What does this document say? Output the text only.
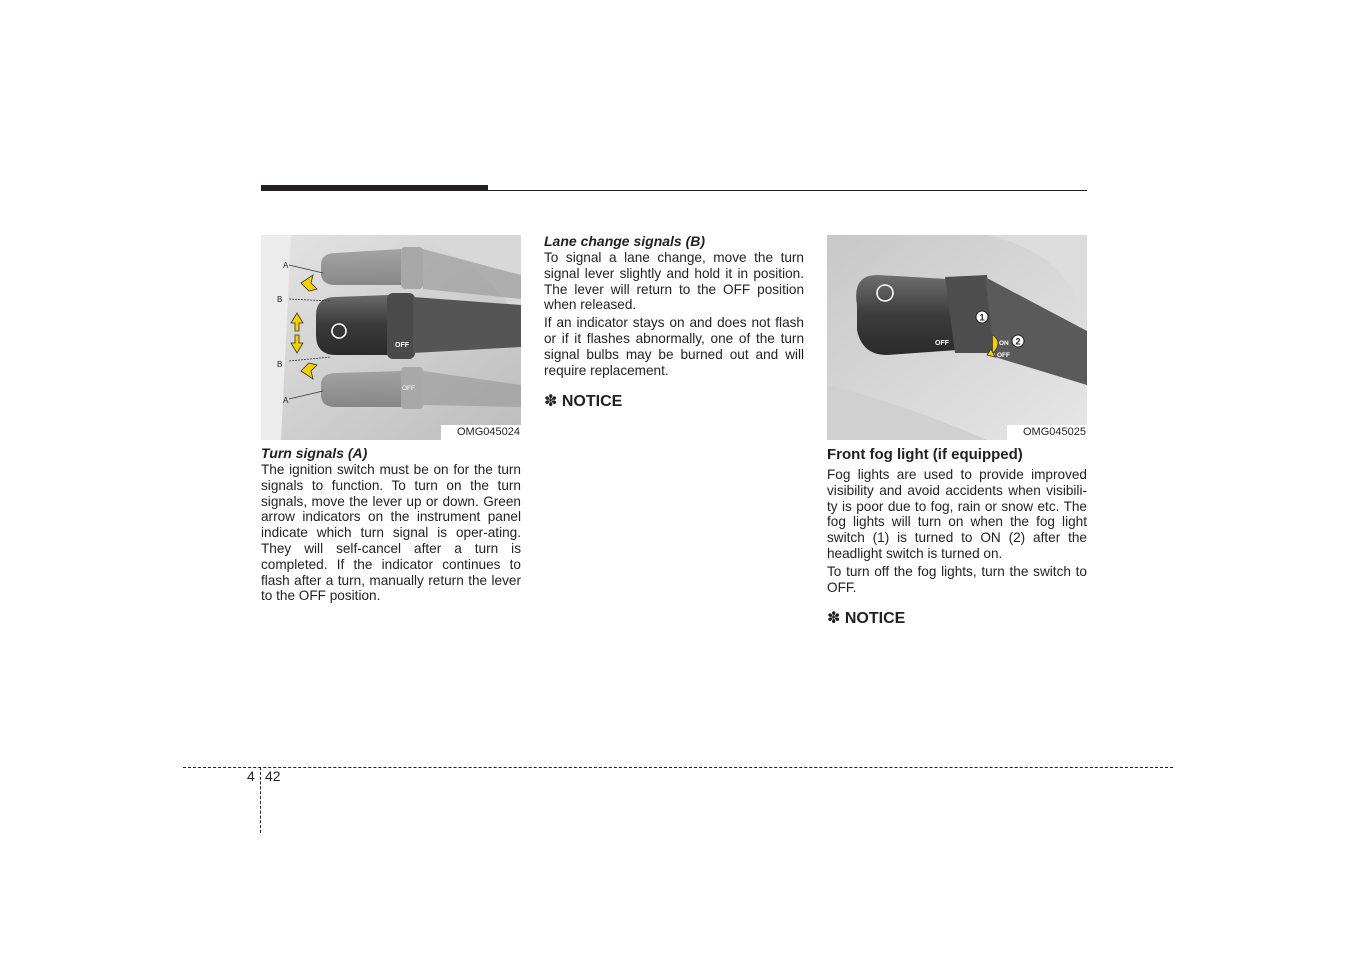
OFF
OFF
A
B
B
A
OMG045024
OFF	ON
OFF
1
2
OMG045025

Turn signals (A)

The ignition switch must be on for the turn signals to function. To turn on the turn signals, move the lever up or down. Green arrow indicators on the instrument panel indicate which turn signal is oper-ating. They will self-cancel after a turn is completed. If the indicator continues to flash after a turn, manually return the lever to the OFF position.

Lane change signals (B)

To signal a lane change, move the turn signal lever slightly and hold it in position. The lever will return to the OFF position when released.

If an indicator stays on and does not flash or if it flashes abnormally, one of the turn signal bulbs may be burned out and will require replacement.

✽ NOTICE

Front fog light (if equipped)

Fog lights are used to provide improved visibility and avoid accidents when visibili-ty is poor due to fog, rain or snow etc. The fog lights will turn on when the fog light switch (1) is turned to ON (2) after the headlight switch is turned on.

To turn off the fog lights, turn the switch to OFF.

✽ NOTICE

4 42
